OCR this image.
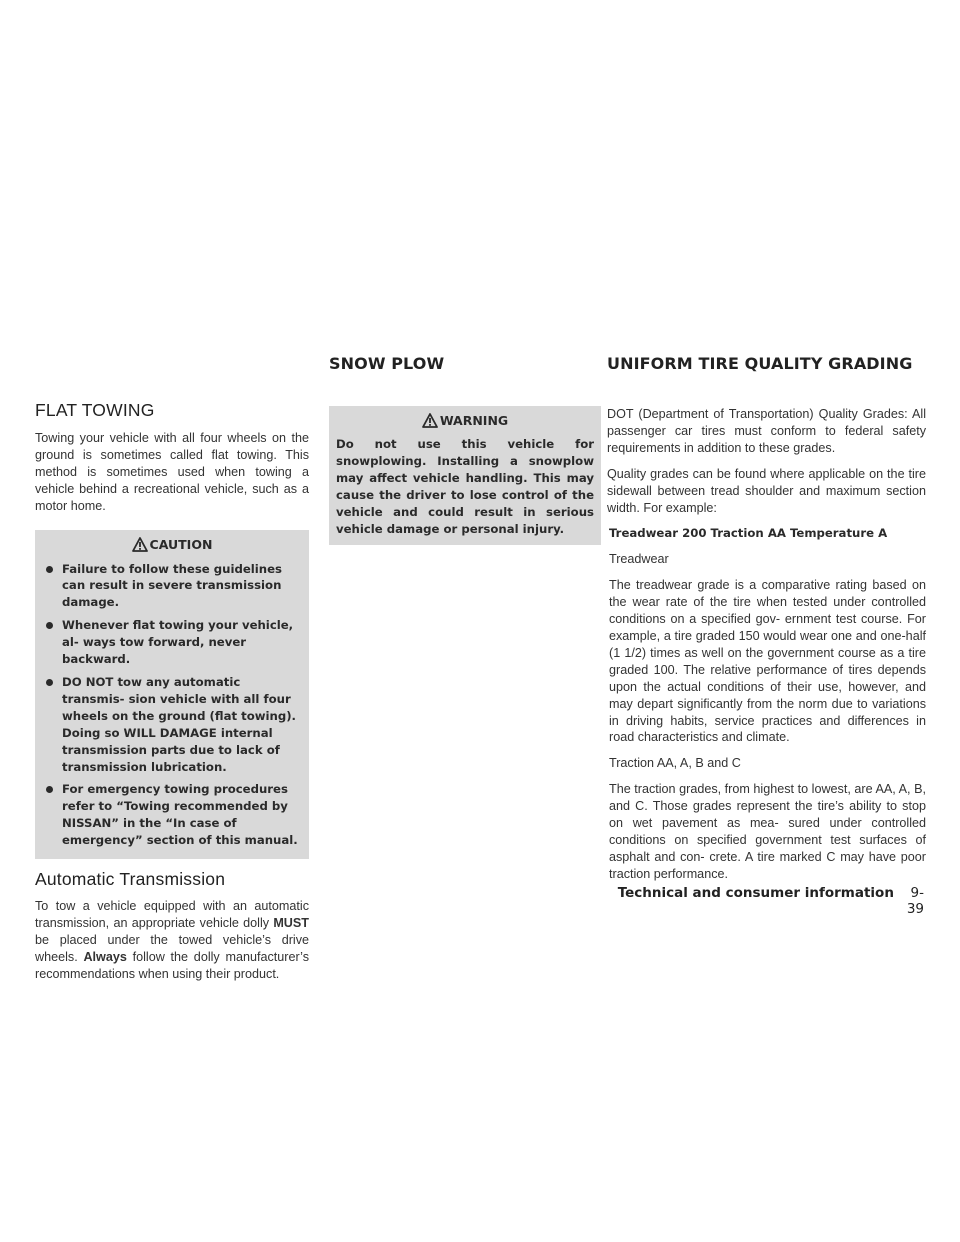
SNOW PLOW	UNIFORM TIRE QUALITY GRADING
FLAT TOWING
Towing your vehicle with all four wheels on the ground is sometimes called flat towing. This method is sometimes used when towing a vehicle behind a recreational vehicle, such as a motor home.
CAUTION
Failure to follow these guidelines can result in severe transmission damage.
Whenever flat towing your vehicle, al- ways tow forward, never backward.
DO NOT tow any automatic transmis- sion vehicle with all four wheels on the ground (flat towing). Doing so WILL DAMAGE internal transmission parts due to lack of transmission lubrication.
For emergency towing procedures refer to “Towing recommended by NISSAN” in the “In case of emergency” section of this manual.
Automatic Transmission
To tow a vehicle equipped with an automatic transmission, an appropriate vehicle dolly MUST be placed under the towed vehicle’s drive wheels. Always follow the dolly manufacturer’s recommendations when using their product.
WARNING
Do not use this vehicle for snowplowing. Installing a snowplow may affect vehicle handling. This may cause the driver to lose control of the vehicle and could result in serious vehicle damage or personal injury.
DOT (Department of Transportation) Quality Grades: All passenger car tires must conform to federal safety requirements in addition to these grades.
Quality grades can be found where applicable on the tire sidewall between tread shoulder and maximum section width. For example:
Treadwear 200 Traction AA Temperature A
Treadwear
The treadwear grade is a comparative rating based on the wear rate of the tire when tested under controlled conditions on a specified gov- ernment test course. For example, a tire graded 150 would wear one and one-half (1 1/2) times as well on the government course as a tire graded 100. The relative performance of tires depends upon the actual conditions of their use, however, and may depart significantly from the norm due to variations in driving habits, service practices and differences in road characteristics and climate.
Traction AA, A, B and C
The traction grades, from highest to lowest, are AA, A, B, and C. Those grades represent the tire’s ability to stop on wet pavement as mea- sured under controlled conditions on specified government test surfaces of asphalt and con- crete. A tire marked C may have poor traction performance.
Technical and consumer information 9-39
